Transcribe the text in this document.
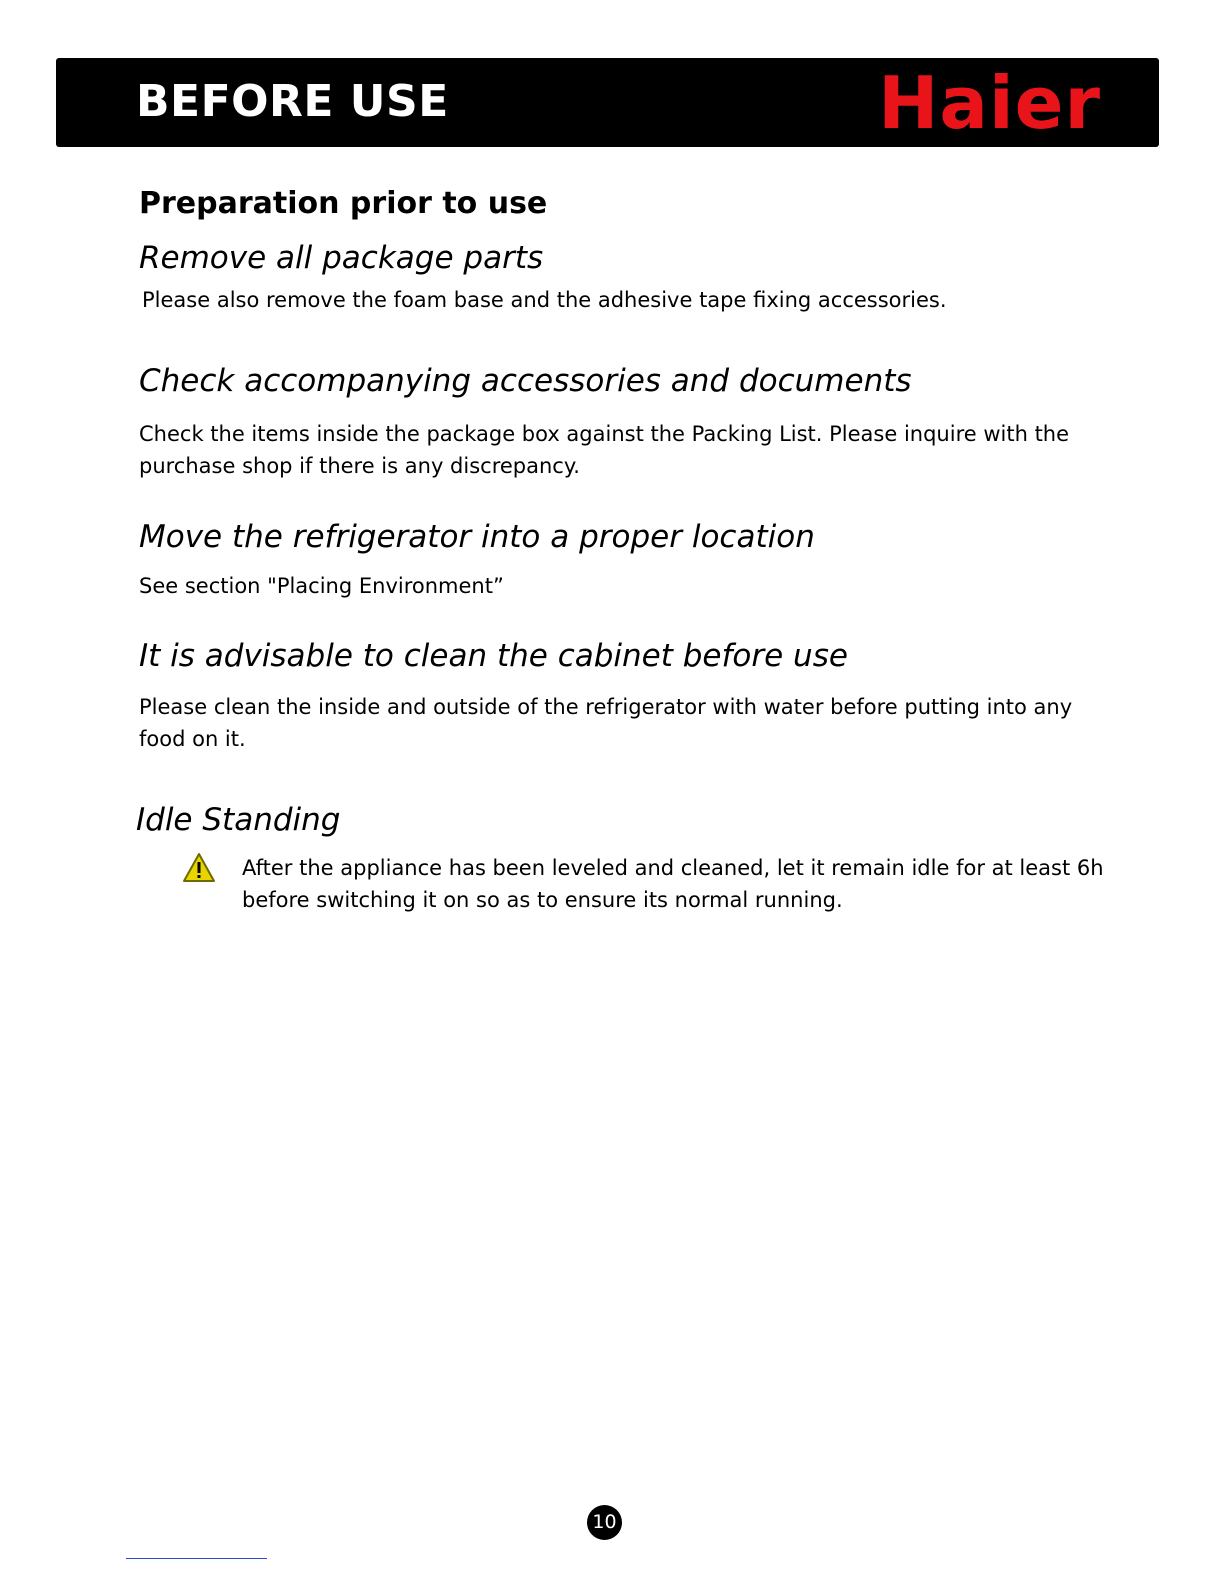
BEFORE USE	Haier
Preparation prior to use
Remove all package parts
Please also remove the foam base and the adhesive tape fixing accessories.
Check accompanying accessories and documents
Check the items inside the package box against the Packing List. Please inquire with the purchase shop if there is any discrepancy.
Move the refrigerator into a proper location
See section "Placing Environment”
It is advisable to clean the cabinet before use
Please clean the inside and outside of the refrigerator with water before putting into any food on it.
Idle Standing
After the appliance has been leveled and cleaned, let it remain idle for at least 6h before switching it on so as to ensure its normal running.
10
